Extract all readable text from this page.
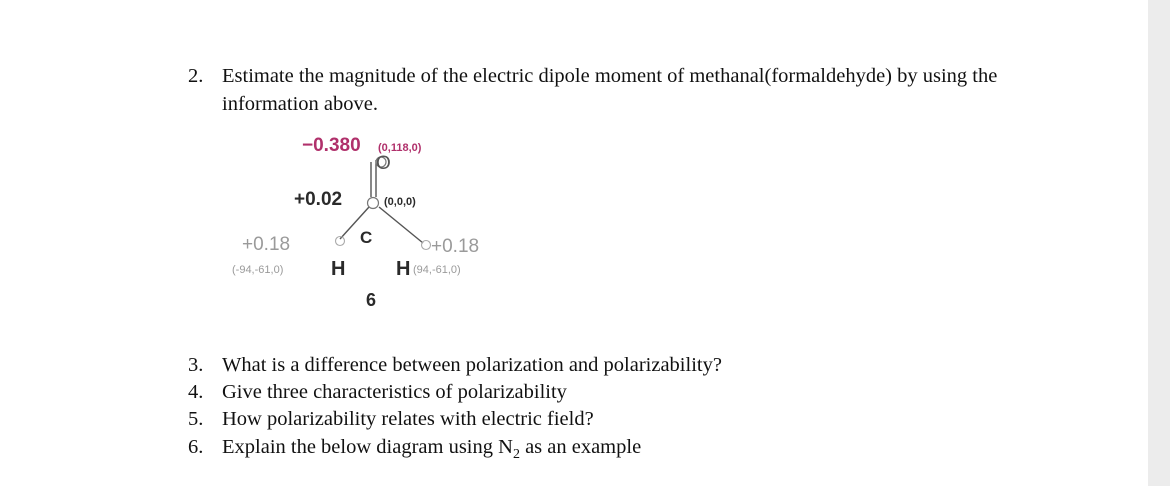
2. Estimate the magnitude of the electric dipole moment of methanal(formaldehyde) by using the information above.
−0.380 (0,118,0)
O
+0.02	(0,0,0)
C
+0.18
(-94,-61,0) H
+0.18
H (94,-61,0)
6
3. What is a difference between polarization and polarizability?
4. Give three characteristics of polarizability
5. How polarizability relates with electric field?
6. Explain the below diagram using $N_2$ as an example
